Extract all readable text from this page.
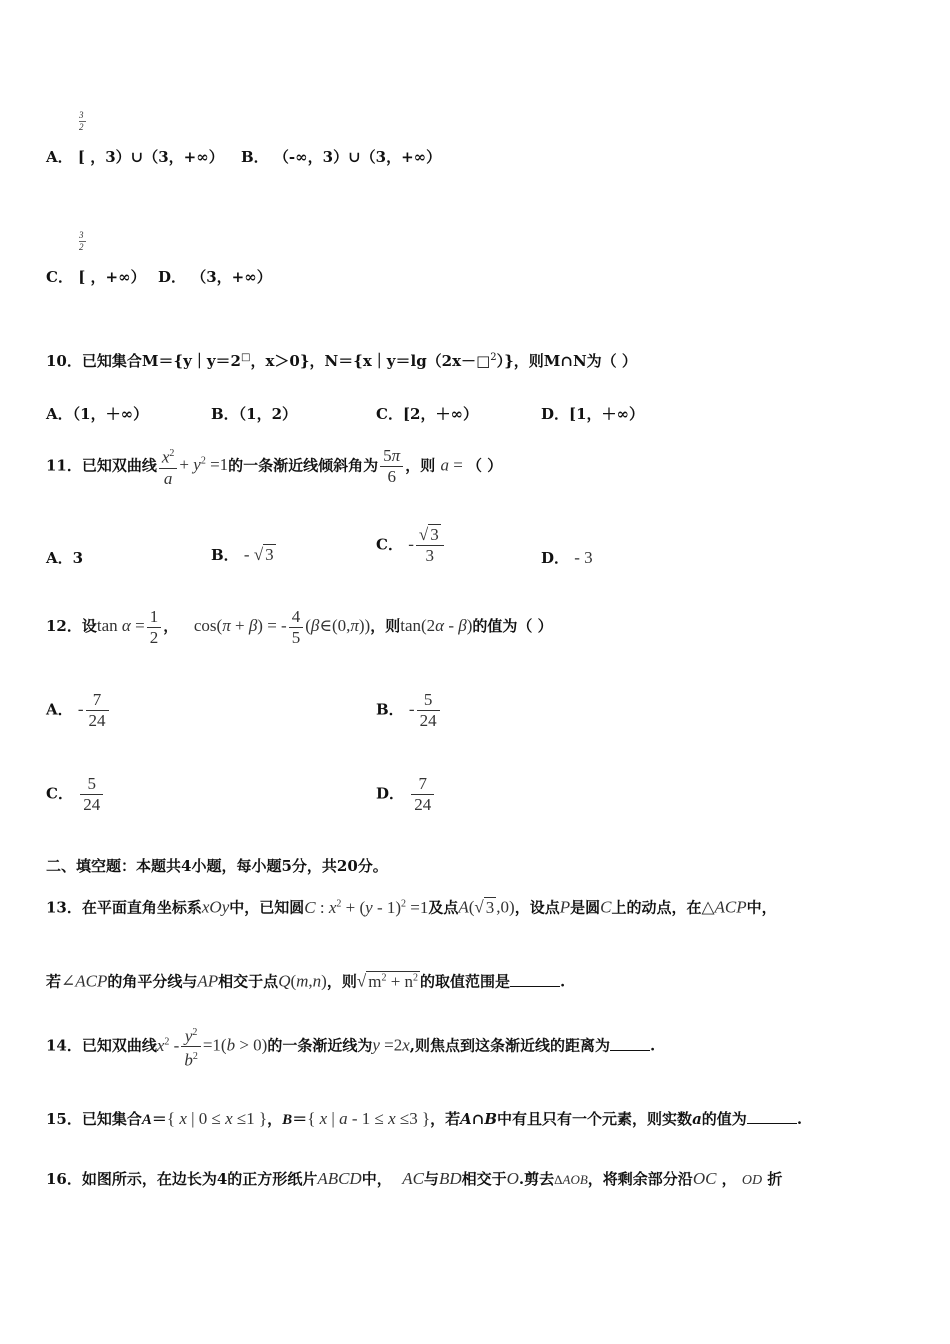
3
2
A． [ ，3）∪（3，+∞） B． （-∞，3）∪（3，+∞）
3
2
C． [ ，+∞） D． （3，+∞）
10．已知集合M＝{y｜y＝2□，x＞0}，N＝{x｜y＝lg（2x－□$^2$）}，则M∩N为（ ）
A．（1，＋∞）	B．（1，2）	C．[2，＋∞）	D．[1，＋∞）
11．已知双曲线 $\frac{x^2}{a} + y^2 =1$的一条渐近线倾斜角为 $\frac{5\pi}{6}$ ，则 a = （ ）
A．3	B． - √ 3
C． - $\frac{√ 3}{3}$	D． - 3
12．设$\tan \alpha = \frac{1}{2}$ ， cos(π + β) = - $\frac{4}{5}$ (β∈(0,π))，则tan(2α - β)的值为（ ）
A． - $\frac{7}{24}$	B． - $\frac{5}{24}$
C． $\frac{5}{24}$	D． $\frac{7}{24}$
二、填空题：本题共4小题，每小题5分，共20分。
13．在平面直角坐标系xOy中，已知圆C : $x^2 + (y - 1)^2 =1$及点A(√ 3 ,0)，设点P是圆C上的动点，在△ACP中，
若∠ACP的角平分线与AP相交于点Q(m,n)，则√ $m^2 + n^2$ 的取值范围是	.
14．已知双曲线$x^2 - \frac{y^2}{b^2} =1(b > 0)$的一条渐近线为y =2x,则焦点到这条渐近线的距离为	.
15．已知集合A＝{ x | 0 ≤ x ≤1 }，B＝{ x | a - 1 ≤ x ≤3 }，若A∩B中有且只有一个元素，则实数a的值为	.
16．如图所示，在边长为4的正方形纸片ABCD中， AC与BD相交于O.剪去ΔAOB，将剩余部分沿OC ， OD 折
